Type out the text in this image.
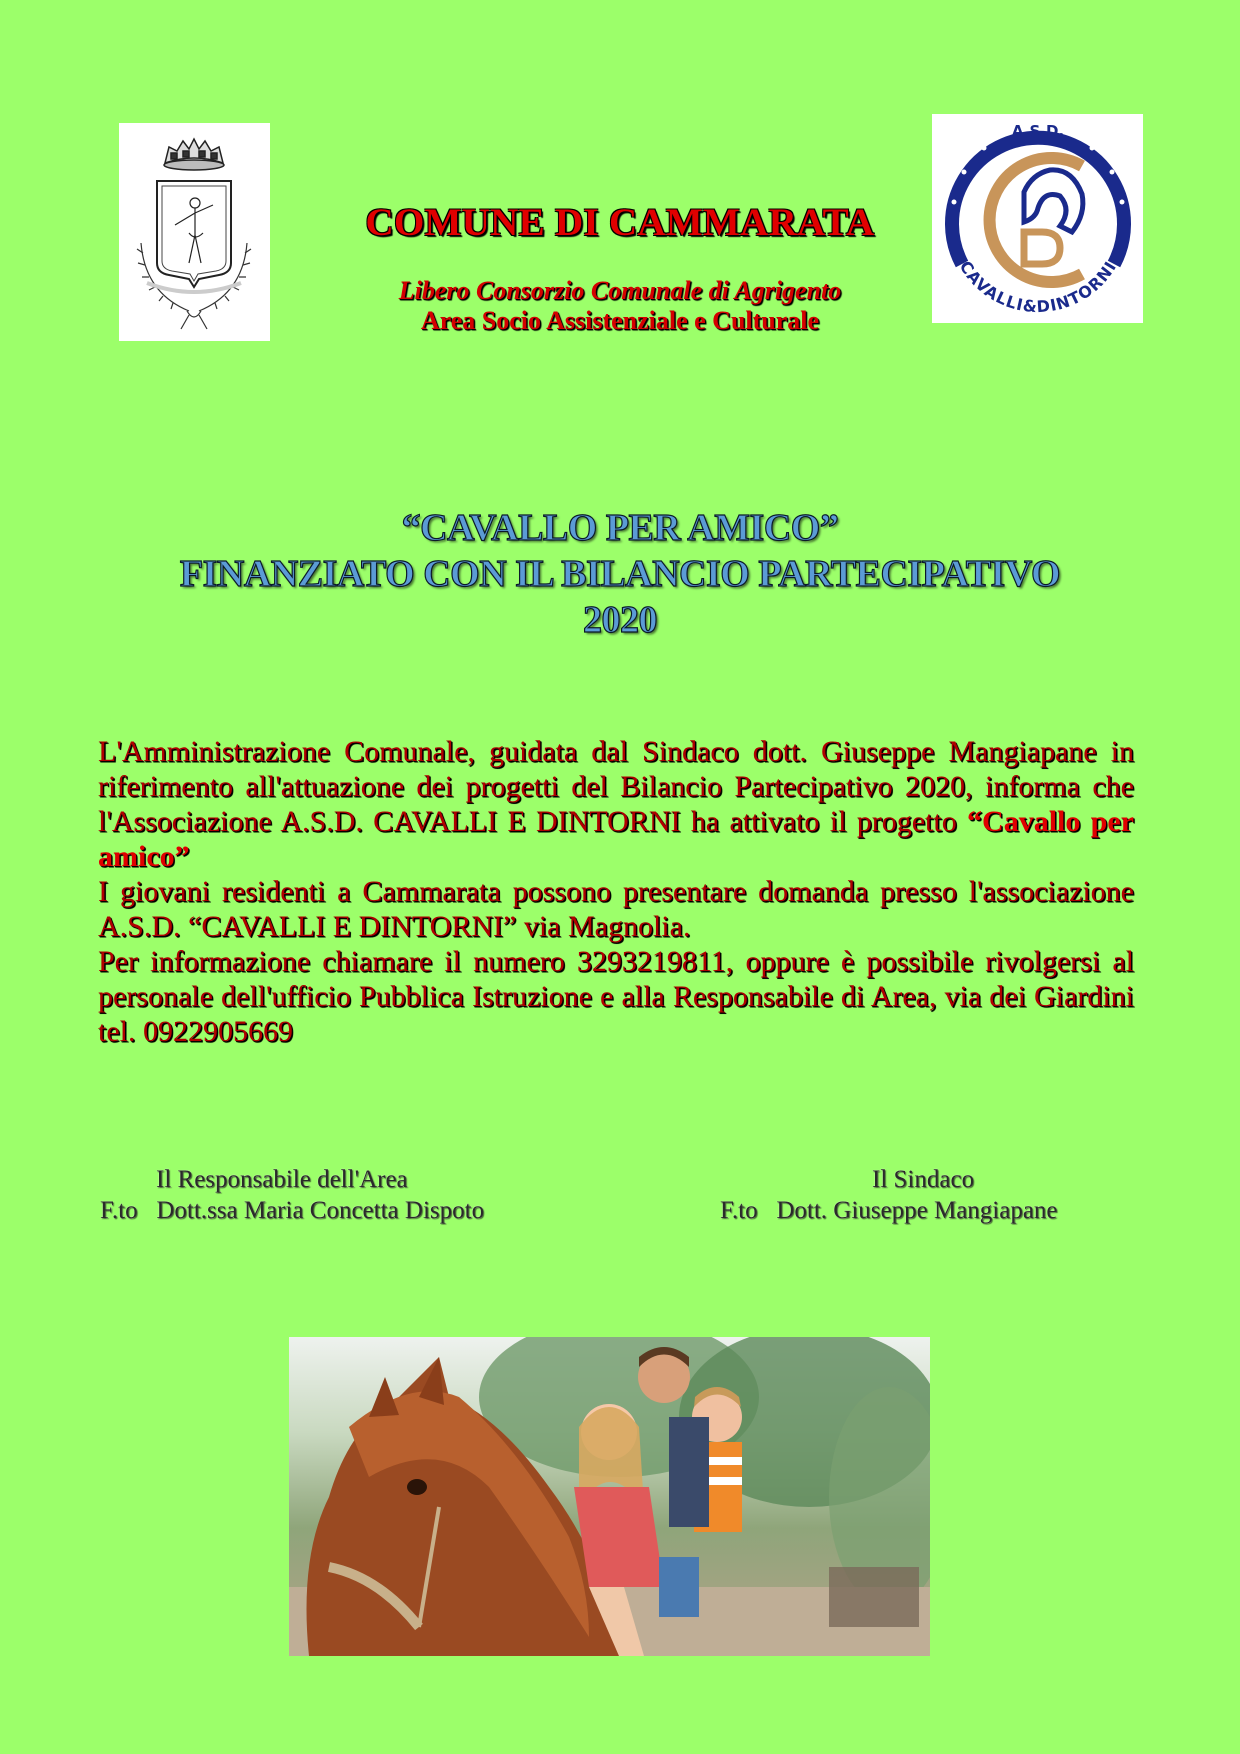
A.S.D.
CAVALLI&DINTORNI
COMUNE DI CAMMARATA
Libero Consorzio Comunale di Agrigento
Area Socio Assistenziale e Culturale
“CAVALLO PER AMICO”
FINANZIATO CON IL BILANCIO PARTECIPATIVO
2020

L'Amministrazione Comunale, guidata dal Sindaco dott. Giuseppe Mangiapane in riferimento all'attuazione dei progetti del Bilancio Partecipativo 2020, informa che l'Associazione A.S.D. CAVALLI E DINTORNI ha attivato il progetto “Cavallo per amico”

I giovani residenti a Cammarata possono presentare domanda presso l'associazione A.S.D. “CAVALLI E DINTORNI” via Magnolia.

Per informazione chiamare il numero 3293219811, oppure è possibile rivolgersi al personale dell'ufficio Pubblica Istruzione e alla Responsabile di Area, via dei Giardini tel. 0922905669

Il Responsabile dell'Area
F.to   Dott.ssa Maria Concetta Dispoto
Il Sindaco
F.to   Dott. Giuseppe Mangiapane
